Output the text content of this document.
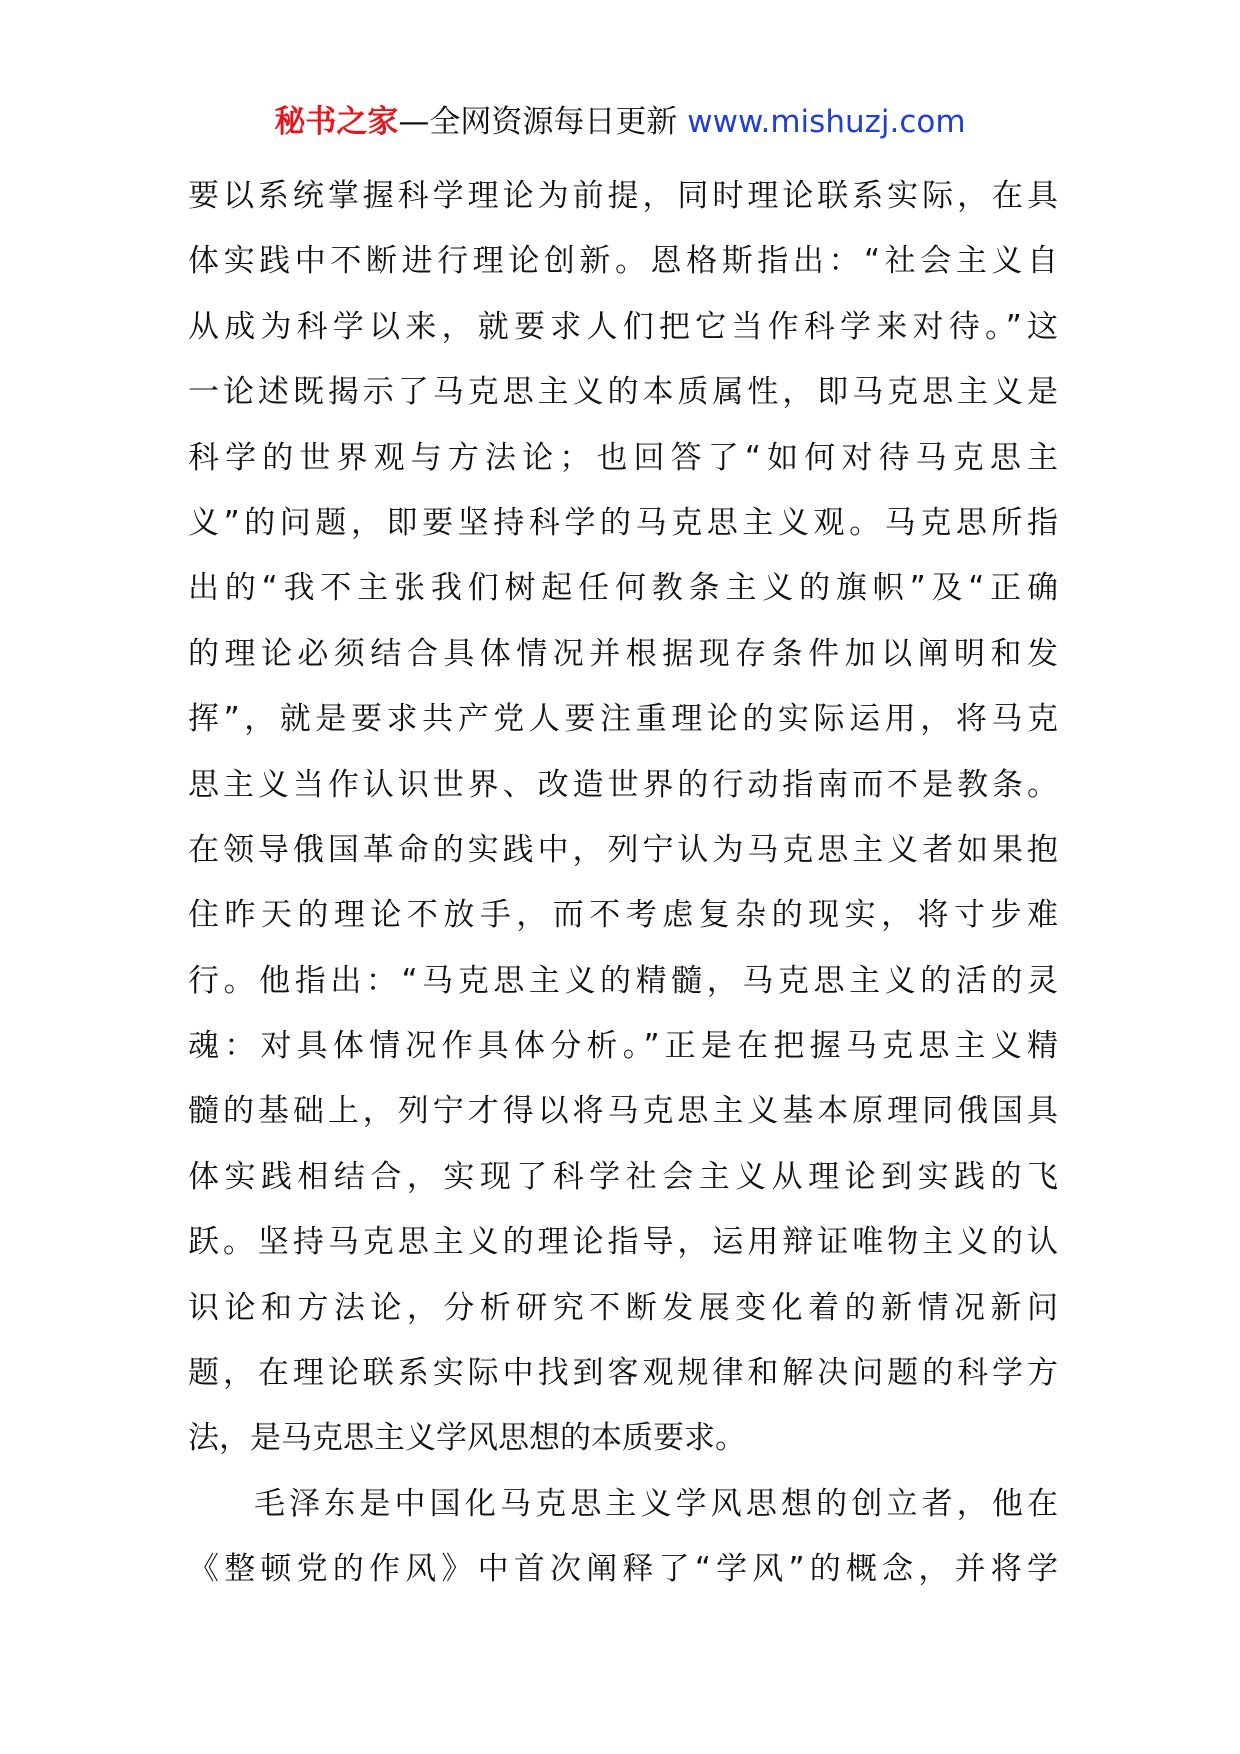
秘书之家—全网资源每日更新 www.mishuzj.com
要以系统掌握科学理论为前提，同时理论联系实际，在具
体实践中不断进行理论创新。恩格斯指出：“社会主义自
从成为科学以来，就要求人们把它当作科学来对待。”这
一论述既揭示了马克思主义的本质属性，即马克思主义是
科学的世界观与方法论；也回答了“如何对待马克思主
义”的问题，即要坚持科学的马克思主义观。马克思所指
出的“我不主张我们树起任何教条主义的旗帜”及“正确
的理论必须结合具体情况并根据现存条件加以阐明和发
挥”，就是要求共产党人要注重理论的实际运用，将马克
思主义当作认识世界、改造世界的行动指南而不是教条。
在领导俄国革命的实践中，列宁认为马克思主义者如果抱
住昨天的理论不放手，而不考虑复杂的现实，将寸步难
行。他指出：“马克思主义的精髓，马克思主义的活的灵
魂：对具体情况作具体分析。”正是在把握马克思主义精
髓的基础上，列宁才得以将马克思主义基本原理同俄国具
体实践相结合，实现了科学社会主义从理论到实践的飞
跃。坚持马克思主义的理论指导，运用辩证唯物主义的认
识论和方法论，分析研究不断发展变化着的新情况新问
题，在理论联系实际中找到客观规律和解决问题的科学方
法，是马克思主义学风思想的本质要求。
毛泽东是中国化马克思主义学风思想的创立者，他在
《整顿党的作风》中首次阐释了“学风”的概念，并将学
